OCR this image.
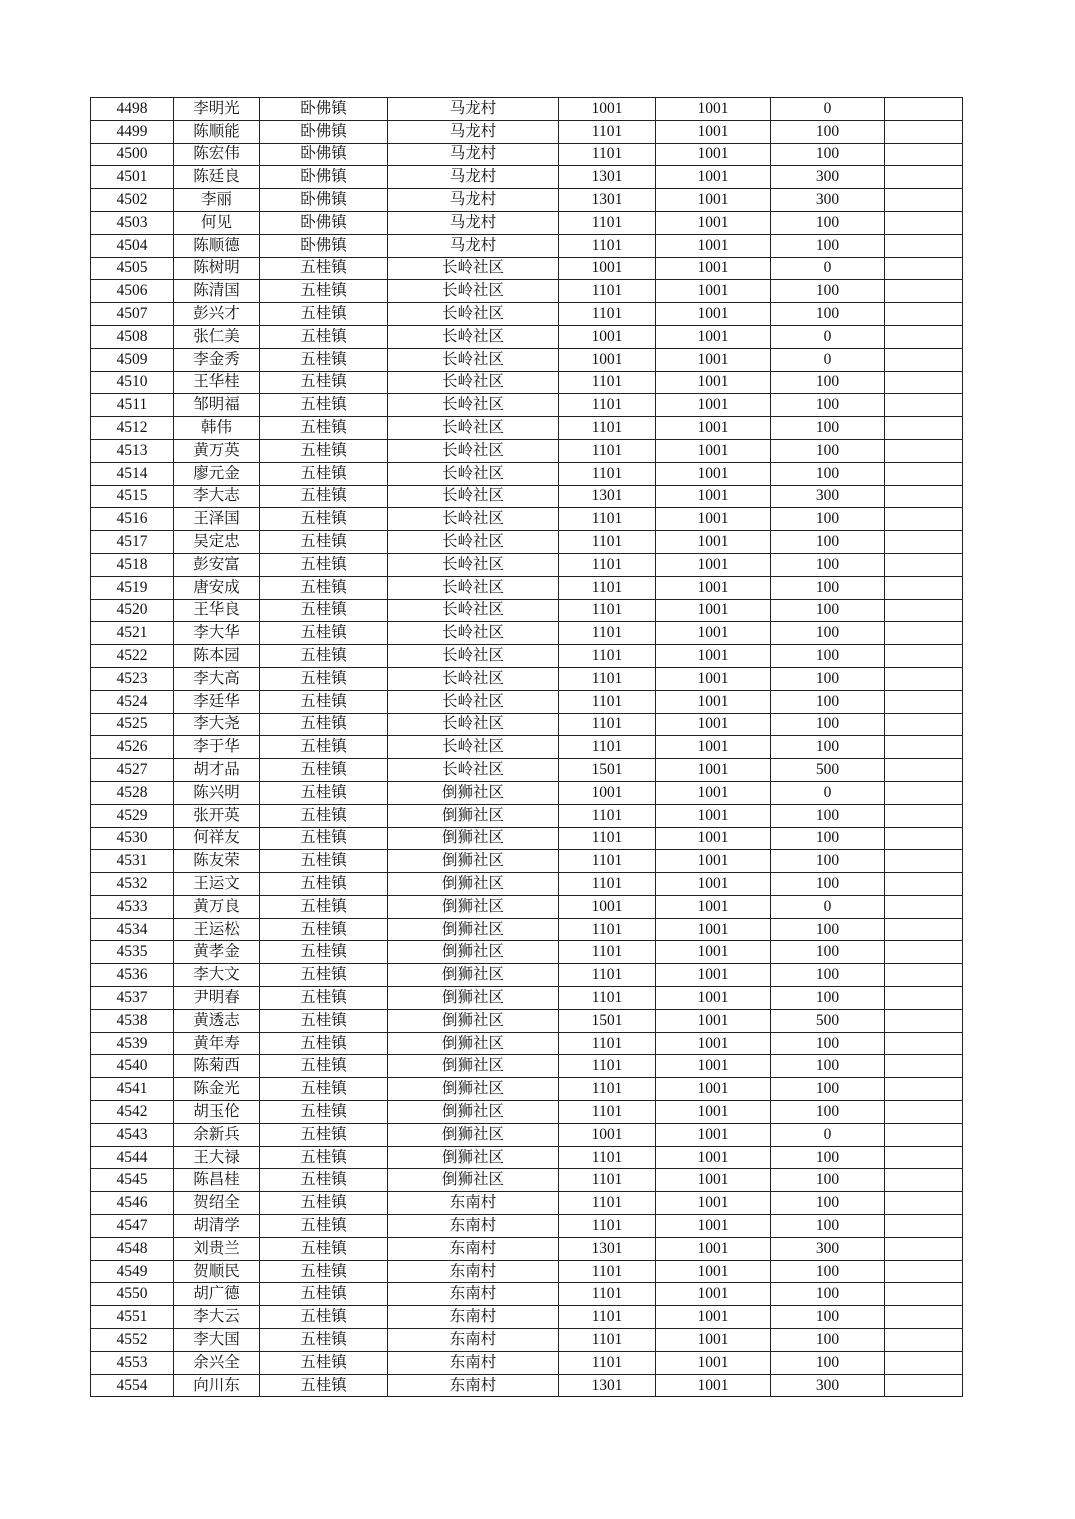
4498	李明光	卧佛镇	马龙村	1001	1001	0	
4499	陈顺能	卧佛镇	马龙村	1101	1001	100	
4500	陈宏伟	卧佛镇	马龙村	1101	1001	100	
4501	陈廷良	卧佛镇	马龙村	1301	1001	300	
4502	李丽	卧佛镇	马龙村	1301	1001	300	
4503	何见	卧佛镇	马龙村	1101	1001	100	
4504	陈顺德	卧佛镇	马龙村	1101	1001	100	
4505	陈树明	五桂镇	长岭社区	1001	1001	0	
4506	陈清国	五桂镇	长岭社区	1101	1001	100	
4507	彭兴才	五桂镇	长岭社区	1101	1001	100	
4508	张仁美	五桂镇	长岭社区	1001	1001	0	
4509	李金秀	五桂镇	长岭社区	1001	1001	0	
4510	王华桂	五桂镇	长岭社区	1101	1001	100	
4511	邹明福	五桂镇	长岭社区	1101	1001	100	
4512	韩伟	五桂镇	长岭社区	1101	1001	100	
4513	黄万英	五桂镇	长岭社区	1101	1001	100	
4514	廖元金	五桂镇	长岭社区	1101	1001	100	
4515	李大志	五桂镇	长岭社区	1301	1001	300	
4516	王泽国	五桂镇	长岭社区	1101	1001	100	
4517	吴定忠	五桂镇	长岭社区	1101	1001	100	
4518	彭安富	五桂镇	长岭社区	1101	1001	100	
4519	唐安成	五桂镇	长岭社区	1101	1001	100	
4520	王华良	五桂镇	长岭社区	1101	1001	100	
4521	李大华	五桂镇	长岭社区	1101	1001	100	
4522	陈本园	五桂镇	长岭社区	1101	1001	100	
4523	李大高	五桂镇	长岭社区	1101	1001	100	
4524	李廷华	五桂镇	长岭社区	1101	1001	100	
4525	李大尧	五桂镇	长岭社区	1101	1001	100	
4526	李于华	五桂镇	长岭社区	1101	1001	100	
4527	胡才品	五桂镇	长岭社区	1501	1001	500	
4528	陈兴明	五桂镇	倒狮社区	1001	1001	0	
4529	张开英	五桂镇	倒狮社区	1101	1001	100	
4530	何祥友	五桂镇	倒狮社区	1101	1001	100	
4531	陈友荣	五桂镇	倒狮社区	1101	1001	100	
4532	王运文	五桂镇	倒狮社区	1101	1001	100	
4533	黄万良	五桂镇	倒狮社区	1001	1001	0	
4534	王运松	五桂镇	倒狮社区	1101	1001	100	
4535	黄孝金	五桂镇	倒狮社区	1101	1001	100	
4536	李大文	五桂镇	倒狮社区	1101	1001	100	
4537	尹明春	五桂镇	倒狮社区	1101	1001	100	
4538	黄透志	五桂镇	倒狮社区	1501	1001	500	
4539	黄年寿	五桂镇	倒狮社区	1101	1001	100	
4540	陈菊西	五桂镇	倒狮社区	1101	1001	100	
4541	陈金光	五桂镇	倒狮社区	1101	1001	100	
4542	胡玉伦	五桂镇	倒狮社区	1101	1001	100	
4543	余新兵	五桂镇	倒狮社区	1001	1001	0	
4544	王大禄	五桂镇	倒狮社区	1101	1001	100	
4545	陈昌桂	五桂镇	倒狮社区	1101	1001	100	
4546	贺绍全	五桂镇	东南村	1101	1001	100	
4547	胡清学	五桂镇	东南村	1101	1001	100	
4548	刘贵兰	五桂镇	东南村	1301	1001	300	
4549	贺顺民	五桂镇	东南村	1101	1001	100	
4550	胡广德	五桂镇	东南村	1101	1001	100	
4551	李大云	五桂镇	东南村	1101	1001	100	
4552	李大国	五桂镇	东南村	1101	1001	100	
4553	余兴全	五桂镇	东南村	1101	1001	100	
4554	向川东	五桂镇	东南村	1301	1001	300	
